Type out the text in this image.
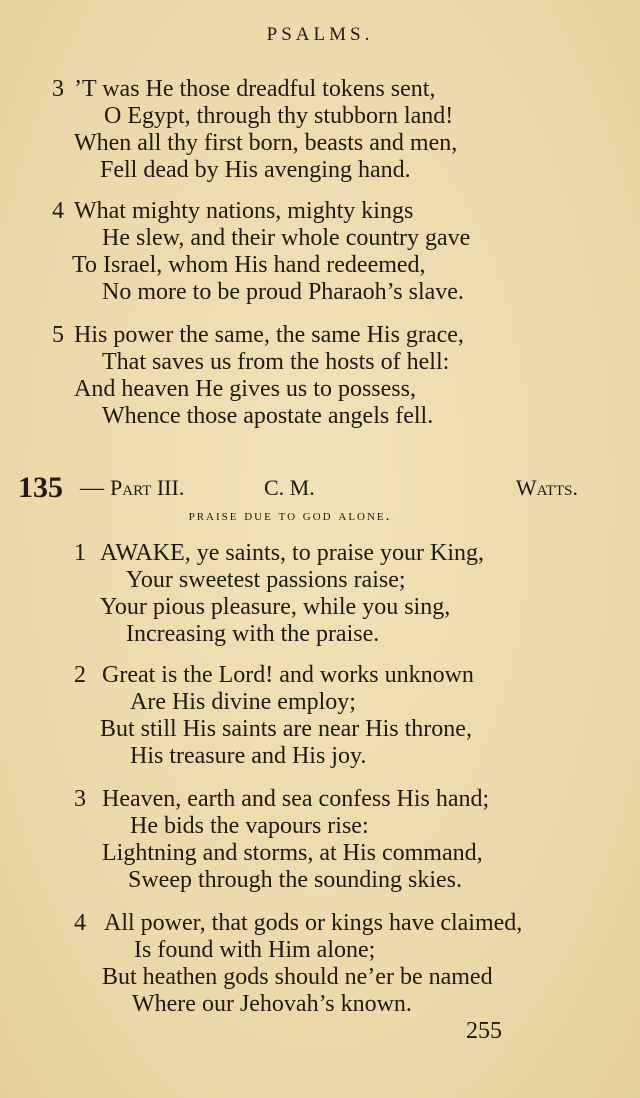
PSALMS.
3 ’T was He those dreadful tokens sent,
O Egypt, through thy stubborn land!
When all thy first born, beasts and men,
Fell dead by His avenging hand.
4 What mighty nations, mighty kings
He slew, and their whole country gave
To Israel, whom His hand redeemed,
No more to be proud Pharaoh’s slave.
5 His power the same, the same His grace,
That saves us from the hosts of hell:
And heaven He gives us to possess,
Whence those apostate angels fell.
135 — Part III.	C. M.	Watts.
praise due to god alone.
1 AWAKE, ye saints, to praise your King,
Your sweetest passions raise;
Your pious pleasure, while you sing,
Increasing with the praise.
2 Great is the Lord! and works unknown
Are His divine employ;
But still His saints are near His throne,
His treasure and His joy.
3 Heaven, earth and sea confess His hand;
He bids the vapours rise:
Lightning and storms, at His command,
Sweep through the sounding skies.
4 All power, that gods or kings have claimed,
Is found with Him alone;
But heathen gods should ne’er be named
Where our Jehovah’s known.
255
